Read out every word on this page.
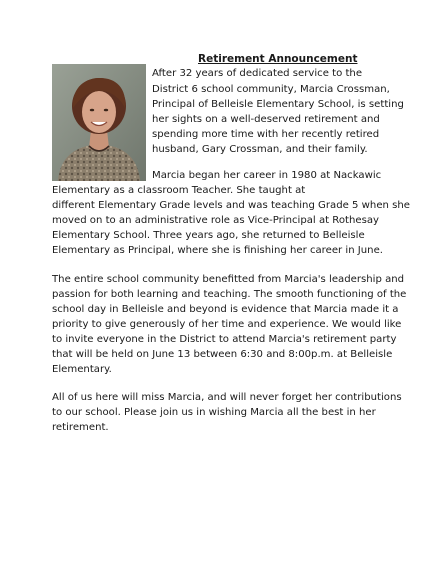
Retirement Announcement
After 32 years of dedicated service to the
District 6 school community, Marcia Crossman,
Principal of Belleisle Elementary School, is setting
her sights on a well-deserved retirement and
spending more time with her recently retired
husband, Gary Crossman, and their family.
Marcia began her career in 1980 at Nackawic
Elementary as a classroom Teacher. She taught at
different Elementary Grade levels and was teaching Grade 5 when she
moved on to an administrative role as Vice-Principal at Rothesay
Elementary School. Three years ago, she returned to Belleisle
Elementary as Principal, where she is finishing her career in June.
The entire school community benefitted from Marcia's leadership and
passion for both learning and teaching. The smooth functioning of the
school day in Belleisle and beyond is evidence that Marcia made it a
priority to give generously of her time and experience. We would like
to invite everyone in the District to attend Marcia's retirement party
that will be held on June 13 between 6:30 and 8:00p.m. at Belleisle
Elementary.
All of us here will miss Marcia, and will never forget her contributions
to our school. Please join us in wishing Marcia all the best in her
retirement.
